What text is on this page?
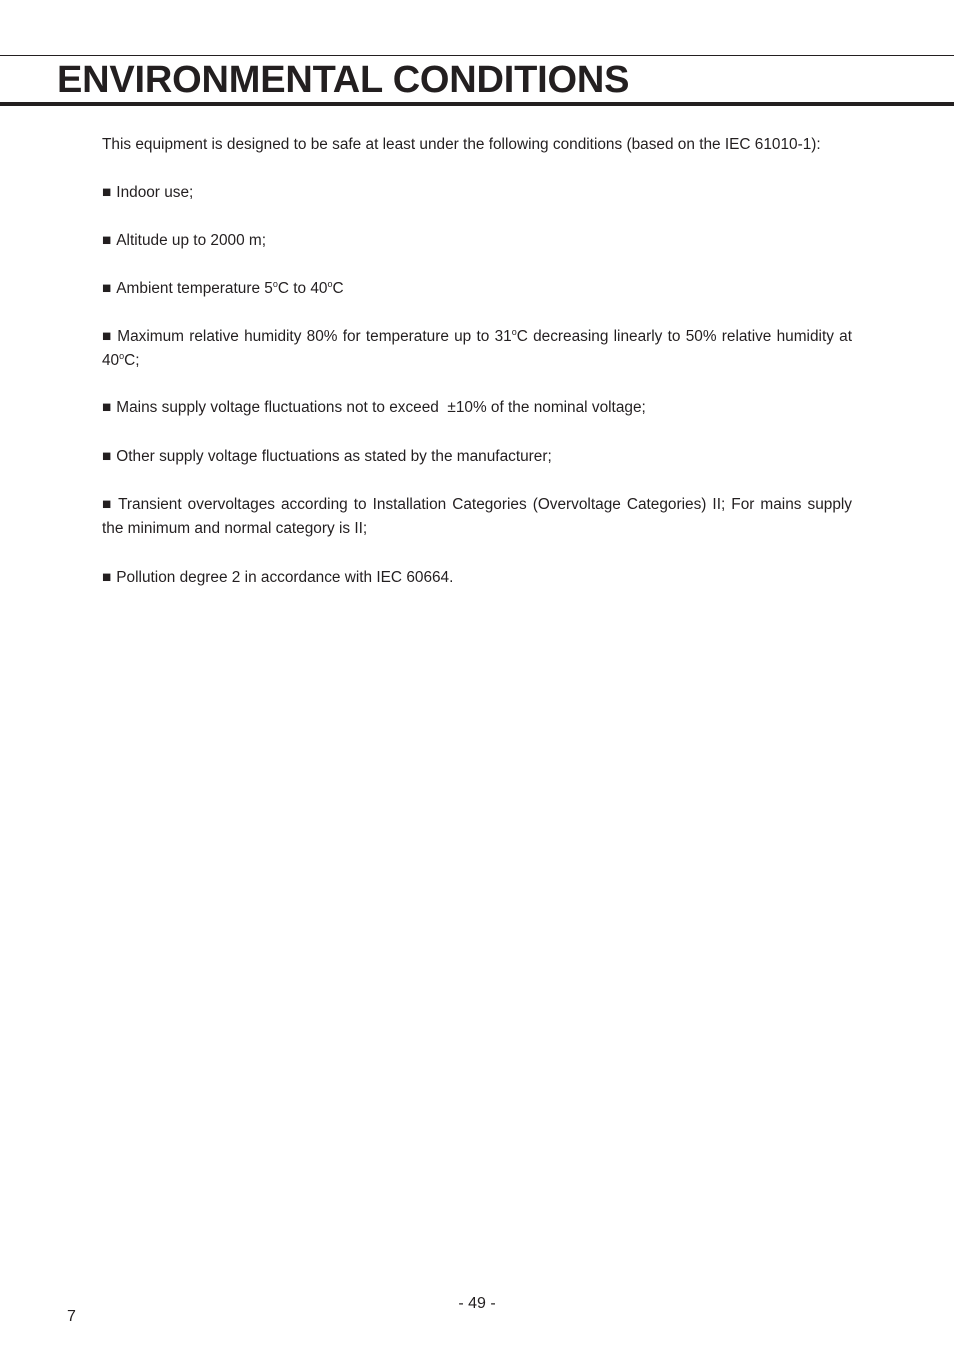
ENVIRONMENTAL CONDITIONS

This equipment is designed to be safe at least under the following conditions (based on the IEC 61010-1):

■ Indoor use;

■ Altitude up to 2000 m;

■ Ambient temperature 5$^o$C to 40$^o$C

■ Maximum relative humidity 80% for temperature up to 31$^o$C decreasing linearly to 50% relative humidity at 40$^o$C;

■ Mains supply voltage fluctuations not to exceed  ±10% of the nominal voltage;

■ Other supply voltage fluctuations as stated by the manufacturer;

■ Transient overvoltages according to Installation Categories (Overvoltage Categories) II; For mains supply the minimum and normal category is II;

■ Pollution degree 2 in accordance with IEC 60664.

- 49 -
7
